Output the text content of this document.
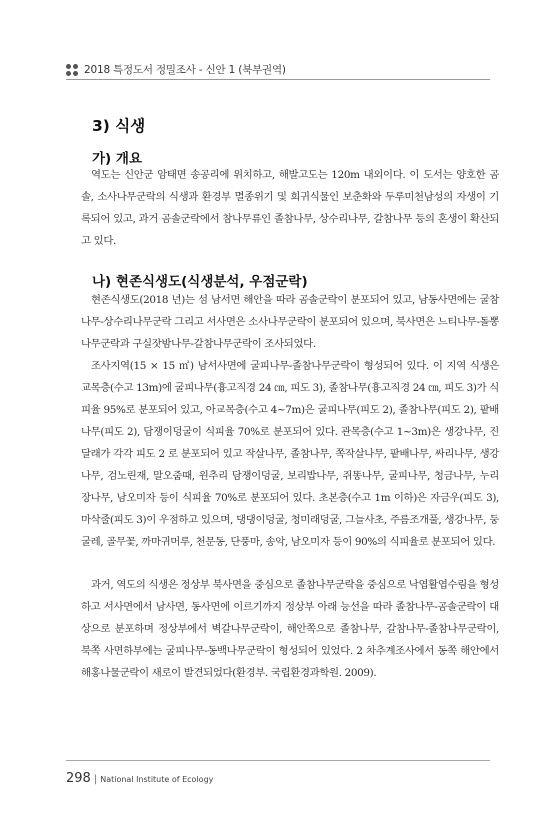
2018 특정도서 정밀조사 - 신안 1 (북부권역)
3) 식생
가) 개요

역도는 신안군 암태면 송공리에 위치하고, 해발고도는 120m 내외이다. 이 도서는 양호한 곰솔, 소사나무군락의 식생과 환경부 멸종위기 및 희귀식물인 보춘화와 두루미천남성의 자생이 기록되어 있고, 과거 곰솔군락에서 참나무류인 졸참나무, 상수리나무, 갈참나무 등의 혼생이 확산되고 있다.

나) 현존식생도(식생분석, 우점군락)

현존식생도(2018 년)는 섬 남서면 해안을 따라 곰솔군락이 분포되어 있고, 남동사면에는 굴참나무-상수리나무군락 그리고 서사면은 소사나무군락이 분포되어 있으며, 북사면은 느티나무-돌뽕나무군락과 구실잣밤나무-갈참나무군락이 조사되었다.

조사지역(15 × 15 ㎡) 남서사면에 굴피나무-졸참나무군락이 형성되어 있다. 이 지역 식생은 교목층(수고 13m)에 굴피나무(흉고직경 24 ㎝, 피도 3), 졸참나무(흉고직경 24 ㎝, 피도 3)가 식피율 95%로 분포되어 있고, 아교목층(수고 4~7m)은 굴피나무(피도 2), 졸참나무(피도 2), 팥배나무(피도 2), 담쟁이덩굴이 식피율 70%로 분포되어 있다. 관목층(수고 1~3m)은 생강나무, 진달래가 각각 피도 2 로 분포되어 있고 작살나무, 졸참나무, 쪽작살나무, 팥배나무, 싸리나무, 생강나무, 검노린재, 말오줌때, 윈추리 담쟁이덩굴, 보리밥나무, 쥐똥나무, 굴피나무, 청금나무, 누리장나무, 남오미자 등이 식피율 70%로 분포되어 있다. 초본층(수고 1m 이하)은 자금우(피도 3), 마삭줄(피도 3)이 우점하고 있으며, 댕댕이덩굴, 청미래덩굴, 그늘사초, 주름조개풀, 생강나무, 둥굴레, 골무꽃, 까마귀머루, 천문동, 단풍마, 송악, 남오미자 등이 90%의 식피율로 분포되어 있다.

과거, 역도의 식생은 정상부 북사면을 중심으로 졸참나무군락을 중심으로 낙엽활엽수림을 형성하고 서사면에서 남사면, 동사면에 이르기까지 정상부 아래 능선을 따라 졸참나무-곰솔군락이 대상으로 분포하며 정상부에서 벽갈나무군락이, 해안쪽으로 졸참나무, 갈참나무-졸참나무군락이, 북쪽 사면하부에는 굴피나무-동백나무군락이 형성되어 있었다. 2 차추계조사에서 동쪽 해안에서 해홍나물군락이 새로이 발견되었다(환경부. 국립환경과학원. 2009).

298 | National Institute of Ecology
